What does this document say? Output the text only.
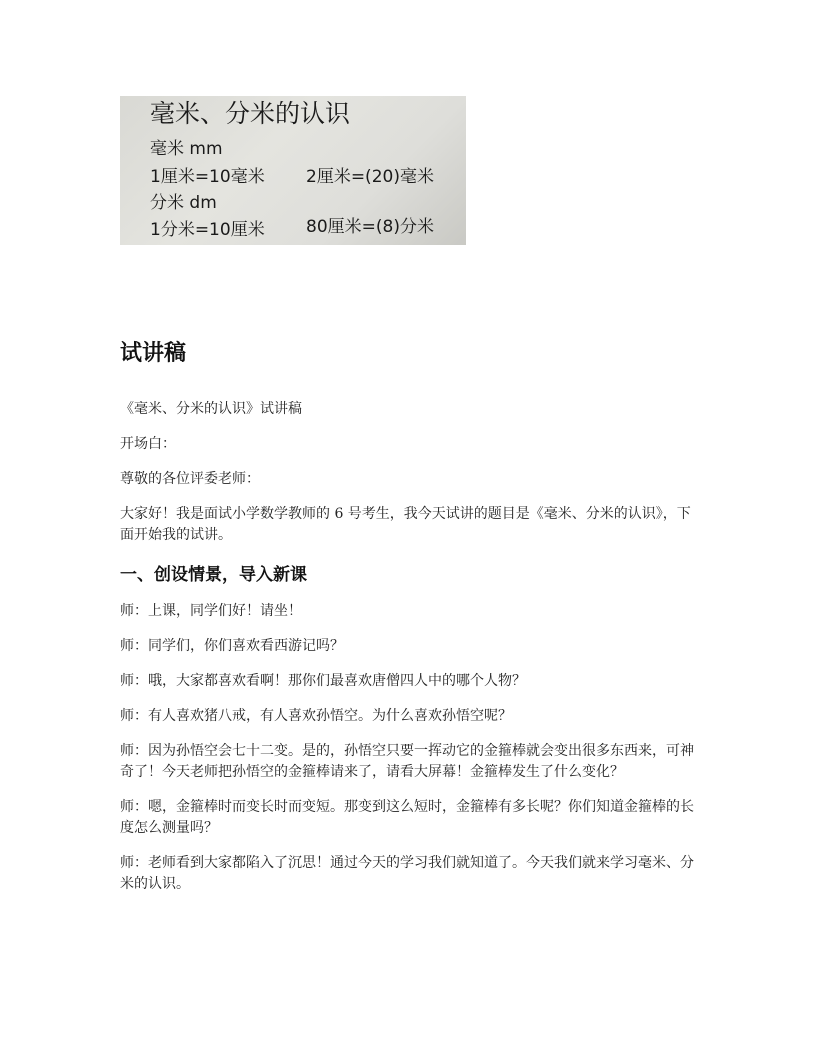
毫米、分米的认识
毫米 mm
1厘米=10毫米 2厘米=(20)毫米
分米 dm
1分米=10厘米 80厘米=(8)分米
试讲稿

《毫米、分米的认识》试讲稿

开场白：

尊敬的各位评委老师：

大家好！我是面试小学数学教师的 6 号考生，我今天试讲的题目是《毫米、分米的认识》，下面开始我的试讲。

一、创设情景，导入新课

师：上课，同学们好！请坐！

师：同学们，你们喜欢看西游记吗？

师：哦，大家都喜欢看啊！那你们最喜欢唐僧四人中的哪个人物？

师：有人喜欢猪八戒，有人喜欢孙悟空。为什么喜欢孙悟空呢？

师：因为孙悟空会七十二变。是的，孙悟空只要一挥动它的金箍棒就会变出很多东西来，可神奇了！今天老师把孙悟空的金箍棒请来了，请看大屏幕！金箍棒发生了什么变化？

师：嗯，金箍棒时而变长时而变短。那变到这么短时，金箍棒有多长呢？你们知道金箍棒的长度怎么测量吗？

师：老师看到大家都陷入了沉思！通过今天的学习我们就知道了。今天我们就来学习毫米、分米的认识。
